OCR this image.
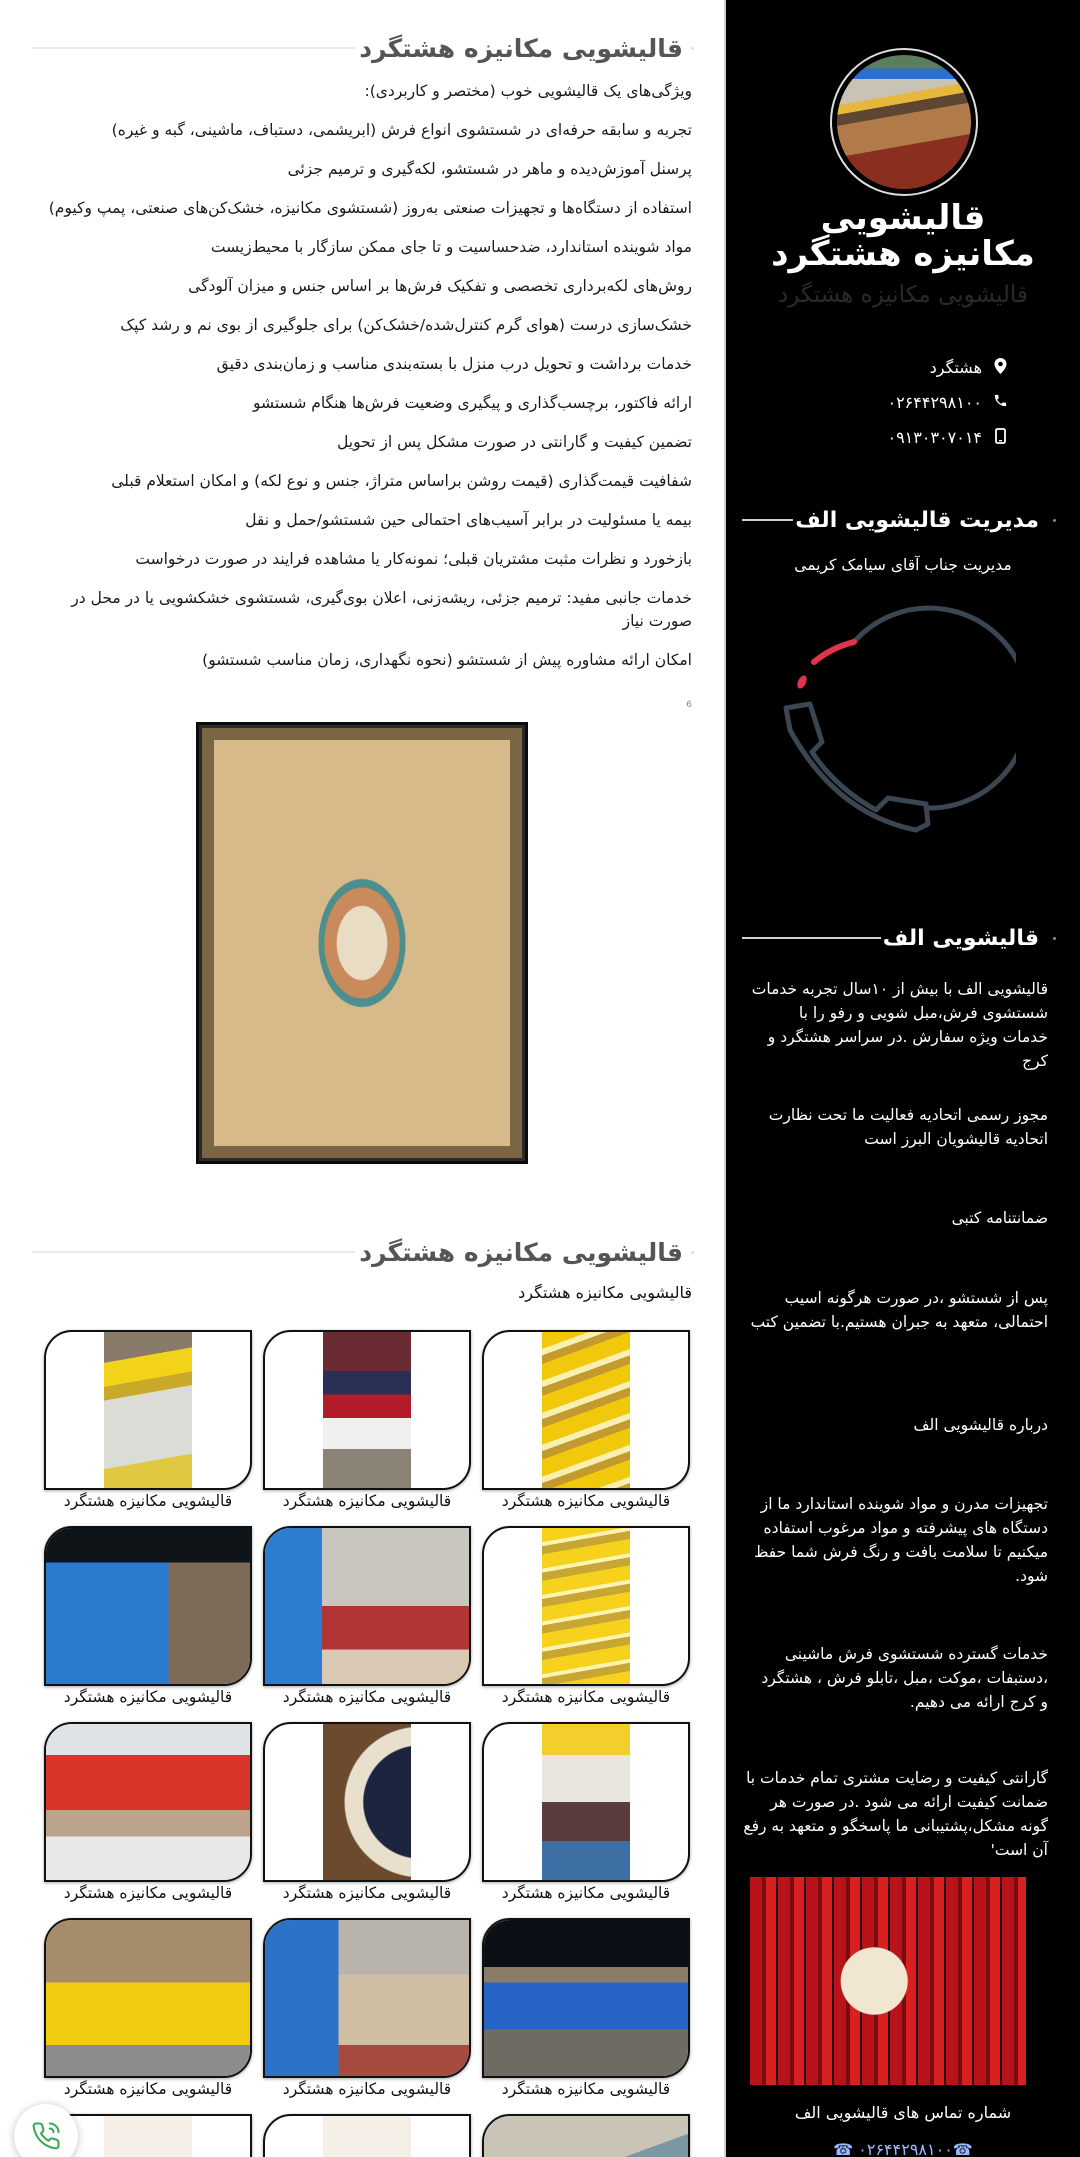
قالیشویی مکانیزه هشتگرد

ویژگی‌های یک قالیشویی خوب (مختصر و کاربردی):

تجربه و سابقه حرفه‌ای در شستشوی انواع فرش (ابریشمی، دستباف، ماشینی، گبه و غیره)

پرسنل آموزش‌دیده و ماهر در شستشو، لکه‌گیری و ترمیم جزئی

استفاده از دستگاه‌ها و تجهیزات صنعتی به‌روز (شستشوی مکانیزه، خشک‌کن‌های صنعتی، پمپ وکیوم)

مواد شوینده استاندارد، ضدحساسیت و تا جای ممکن سازگار با محیط‌زیست

روش‌های لکه‌برداری تخصصی و تفکیک فرش‌ها بر اساس جنس و میزان آلودگی

خشک‌سازی درست (هوای گرم کنترل‌شده/خشک‌کن) برای جلوگیری از بوی نم و رشد کپک

خدمات برداشت و تحویل درب منزل با بسته‌بندی مناسب و زمان‌بندی دقیق

ارائه فاکتور، برچسب‌گذاری و پیگیری وضعیت فرش‌ها هنگام شستشو

تضمین کیفیت و گارانتی در صورت مشکل پس از تحویل

شفافیت قیمت‌گذاری (قیمت روشن براساس متراژ، جنس و نوع لکه) و امکان استعلام قبلی

بیمه یا مسئولیت در برابر آسیب‌های احتمالی حین شستشو/حمل و نقل

بازخورد و نظرات مثبت مشتریان قبلی؛ نمونه‌کار یا مشاهده فرایند در صورت درخواست

خدمات جانبی مفید: ترمیم جزئی، ریشه‌زنی، اعلان بوی‌گیری، شستشوی خشکشویی یا در محل در صورت نیاز

امکان ارائه مشاوره پیش از شستشو (نحوه نگهداری، زمان مناسب شستشو)

6
قالیشویی مکانیزه هشتگرد

قالیشویی مکانیزه هشتگرد

قالیشویی مکانیزه هشتگرد
قالیشویی مکانیزه هشتگرد
قالیشویی مکانیزه هشتگرد
قالیشویی مکانیزه هشتگرد
قالیشویی مکانیزه هشتگرد
قالیشویی مکانیزه هشتگرد
قالیشویی مکانیزه هشتگرد
قالیشویی مکانیزه هشتگرد
قالیشویی مکانیزه هشتگرد
قالیشویی مکانیزه هشتگرد
قالیشویی مکانیزه هشتگرد
قالیشویی مکانیزه هشتگرد
قالیشویی مکانیزه هشتگرد
قالیشویی مکانیزه هشتگرد
هشتگرد
۰۲۶۴۴۲۹۸۱۰۰
۰۹۱۳۰۳۰۷۰۱۴
مدیریت قالیشویی الف

مدیریت جناب آقای سیامک کریمی

قالیشویی الف

قالیشویی الف با بیش از ۱۰سال تجربه خدمات شستشوی فرش،مبل شویی و رفو را با خدمات ویژه سفارش .در سراسر هشتگرد و کرج

مجوز رسمی اتحادیه فعالیت ما تحت نظارت اتحادیه قالیشویان البرز است

ضمانتنامه کتبی

پس از شستشو ،در صورت هرگونه اسیب احتمالی، متعهد به جبران هستیم.با تضمین کتب

درباره قالیشویی الف

تجهیزات مدرن و مواد شوینده استاندارد ما از دستگاه های پیشرفته و مواد مرغوب استفاده میکنیم تا سلامت بافت و رنگ فرش شما حفظ شود.

خدمات گسترده شستشوی فرش ماشینی ،دستبفات ،موکت ،مبل ،تابلو فرش ، هشتگرد و کرج ارائه می دهیم.

گارانتی کیفیت و رضایت مشتری تمام خدمات با ضمانت کیفیت ارائه می شود .در صورت هر گونه مشکل،پشتیبانی ما پاسخگو و متعهد به رفع آن است'

شماره تماس های قالیشویی الف

☎۰۲۶۴۴۲۹۸۱۰۰ ☎
